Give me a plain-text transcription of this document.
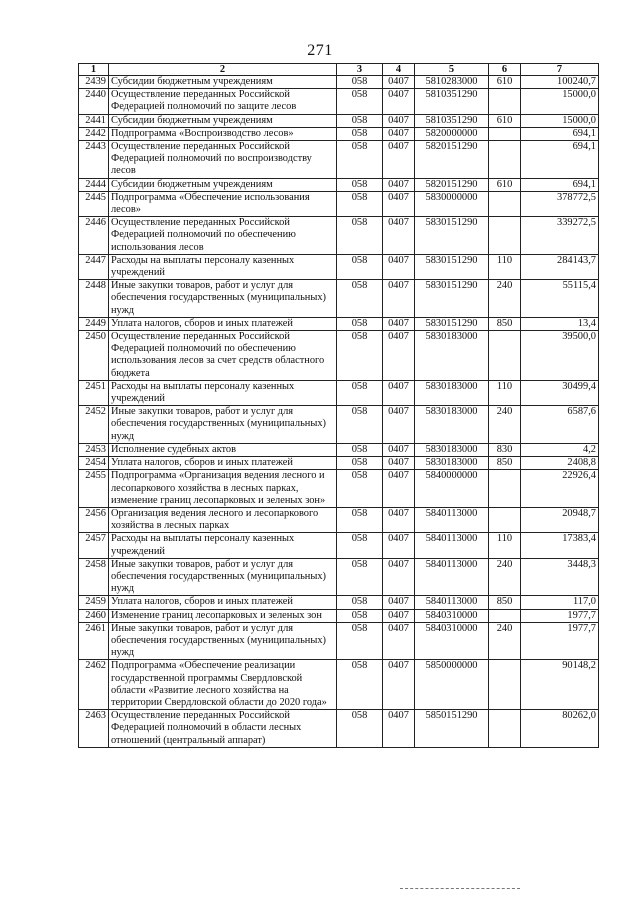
271
1	2	3	4	5	6	7
2439	Субсидии бюджетным учреждениям	058	0407	5810283000	610	100240,7
2440	Осуществление переданных Российской Федерацией полномочий по защите лесов	058	0407	5810351290		15000,0
2441	Субсидии бюджетным учреждениям	058	0407	5810351290	610	15000,0
2442	Подпрограмма «Воспроизводство лесов»	058	0407	5820000000		694,1
2443	Осуществление переданных Российской Федерацией полномочий по воспроизводству лесов	058	0407	5820151290		694,1
2444	Субсидии бюджетным учреждениям	058	0407	5820151290	610	694,1
2445	Подпрограмма «Обеспечение использования лесов»	058	0407	5830000000		378772,5
2446	Осуществление переданных Российской Федерацией полномочий по обеспечению использования лесов	058	0407	5830151290		339272,5
2447	Расходы на выплаты персоналу казенных учреждений	058	0407	5830151290	110	284143,7
2448	Иные закупки товаров, работ и услуг для обеспечения государственных (муниципальных) нужд	058	0407	5830151290	240	55115,4
2449	Уплата налогов, сборов и иных платежей	058	0407	5830151290	850	13,4
2450	Осуществление переданных Российской Федерацией полномочий по обеспечению использования лесов за счет средств областного бюджета	058	0407	5830183000		39500,0
2451	Расходы на выплаты персоналу казенных учреждений	058	0407	5830183000	110	30499,4
2452	Иные закупки товаров, работ и услуг для обеспечения государственных (муниципальных) нужд	058	0407	5830183000	240	6587,6
2453	Исполнение судебных актов	058	0407	5830183000	830	4,2
2454	Уплата налогов, сборов и иных платежей	058	0407	5830183000	850	2408,8
2455	Подпрограмма «Организация ведения лесного и лесопаркового хозяйства в лесных парках, изменение границ лесопарковых и зеленых зон»	058	0407	5840000000		22926,4
2456	Организация ведения лесного и лесопаркового хозяйства в лесных парках	058	0407	5840113000		20948,7
2457	Расходы на выплаты персоналу казенных учреждений	058	0407	5840113000	110	17383,4
2458	Иные закупки товаров, работ и услуг для обеспечения государственных (муниципальных) нужд	058	0407	5840113000	240	3448,3
2459	Уплата налогов, сборов и иных платежей	058	0407	5840113000	850	117,0
2460	Изменение границ лесопарковых и зеленых зон	058	0407	5840310000		1977,7
2461	Иные закупки товаров, работ и услуг для обеспечения государственных (муниципальных) нужд	058	0407	5840310000	240	1977,7
2462	Подпрограмма «Обеспечение реализации государственной программы Свердловской области «Развитие лесного хозяйства на территории Свердловской области до 2020 года»	058	0407	5850000000		90148,2
2463	Осуществление переданных Российской Федерацией полномочий в области лесных отношений (центральный аппарат)	058	0407	5850151290		80262,0
